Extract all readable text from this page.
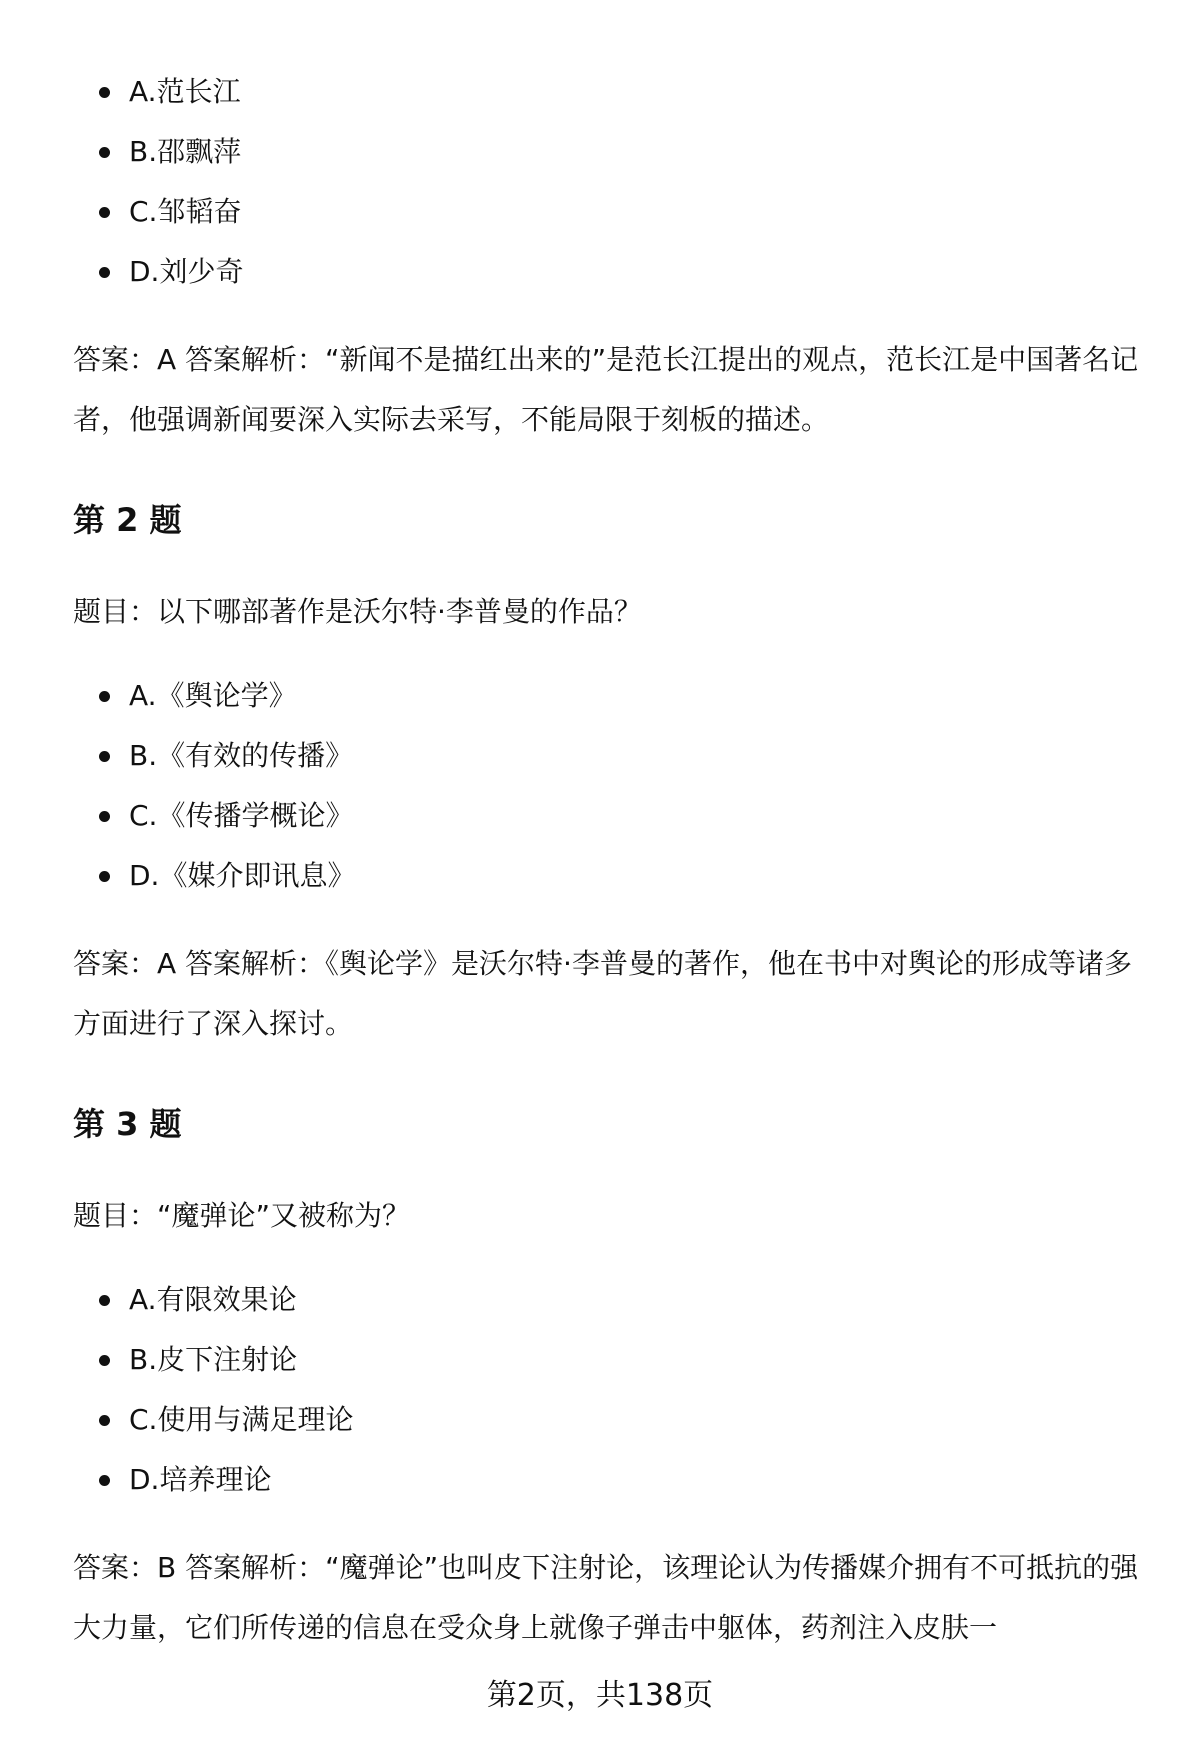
A.范长江
B.邵飘萍
C.邹韬奋
D.刘少奇

答案：A 答案解析：“新闻不是描红出来的”是范长江提出的观点，范长江是中国著名记者，他强调新闻要深入实际去采写，不能局限于刻板的描述。

第 2 题

题目：以下哪部著作是沃尔特·李普曼的作品？

A.《舆论学》
B.《有效的传播》
C.《传播学概论》
D.《媒介即讯息》

答案：A 答案解析：《舆论学》是沃尔特·李普曼的著作，他在书中对舆论的形成等诸多方面进行了深入探讨。

第 3 题

题目：“魔弹论”又被称为？

A.有限效果论
B.皮下注射论
C.使用与满足理论
D.培养理论

答案：B 答案解析：“魔弹论”也叫皮下注射论，该理论认为传播媒介拥有不可抵抗的强大力量，它们所传递的信息在受众身上就像子弹击中躯体，药剂注入皮肤一

第2页，共138页
